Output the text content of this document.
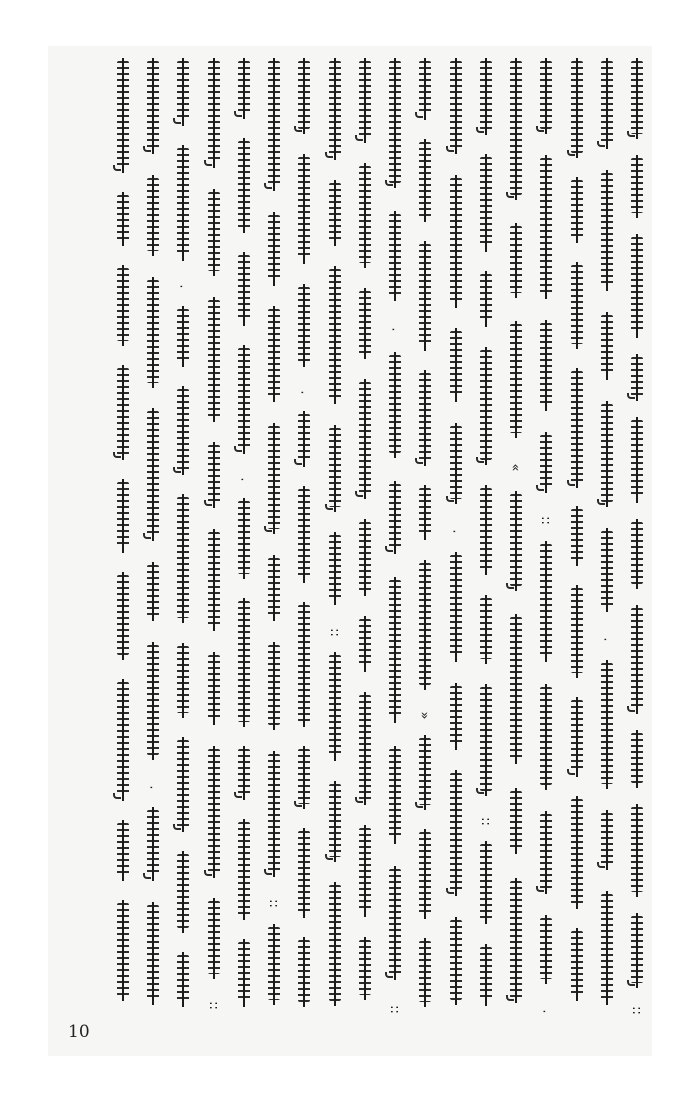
·
·
::
·
::
·
::
·
::
»
·
::
«
::
·
·
::
10
